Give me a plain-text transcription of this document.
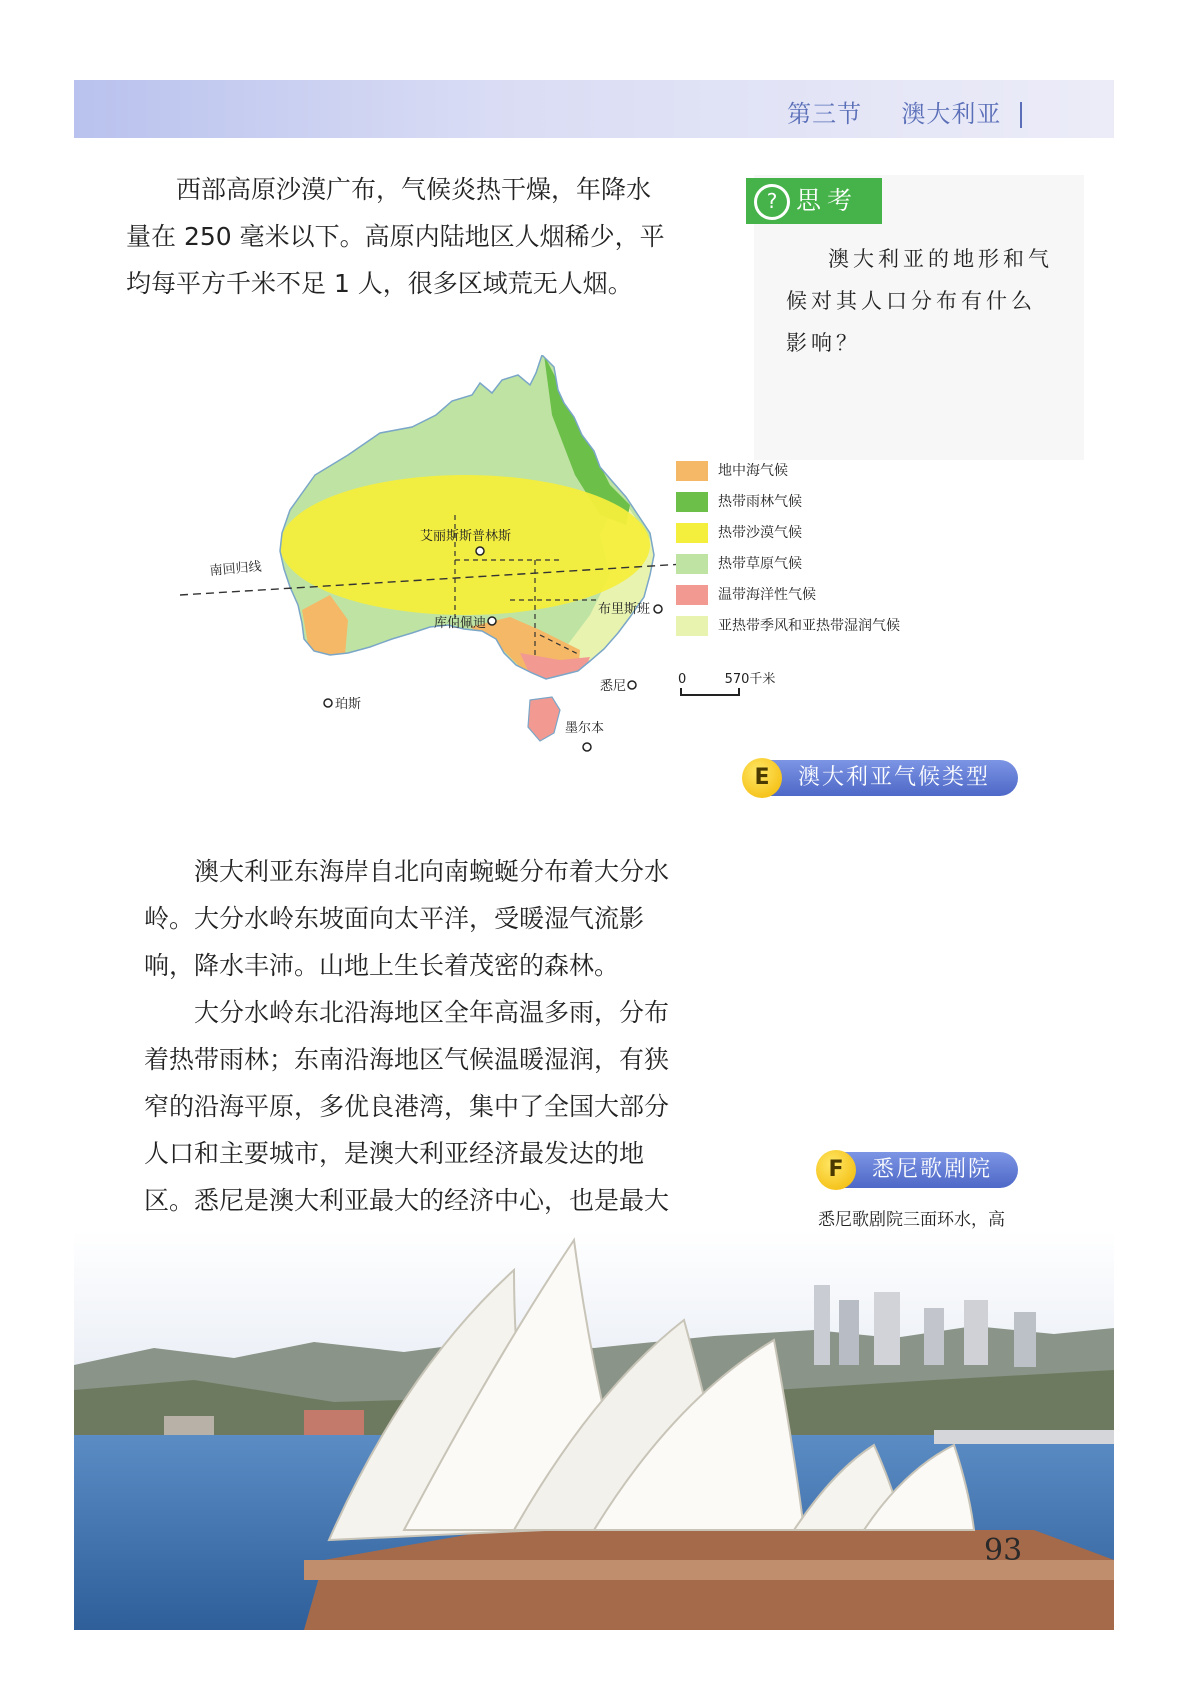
第三节 澳大利亚

西部高原沙漠广布，气候炎热干燥，年降水量在 250 毫米以下。高原内陆地区人烟稀少，平均每平方千米不足 1 人，很多区域荒无人烟。

? 思考
澳大利亚的地形和气候对其人口分布有什么影响？
南回归线
艾丽斯斯普林斯
库伯佩迪
布里斯班
悉尼
珀斯
墨尔本
地中海气候
热带雨林气候
热带沙漠气候
热带草原气候
温带海洋性气候
亚热带季风和亚热带湿润气候
0	570千米
E	澳大利亚气候类型

澳大利亚东海岸自北向南蜿蜒分布着大分水岭。大分水岭东坡面向太平洋，受暖湿气流影响，降水丰沛。山地上生长着茂密的森林。

大分水岭东北沿海地区全年高温多雨，分布着热带雨林；东南沿海地区气候温暖湿润，有狭窄的沿海平原，多优良港湾，集中了全国大部分人口和主要城市，是澳大利亚经济最发达的地区。 悉尼是澳大利亚最大的经济中心，也是最大

F	悉尼歌剧院
悉尼歌剧院三面环水，高
93
